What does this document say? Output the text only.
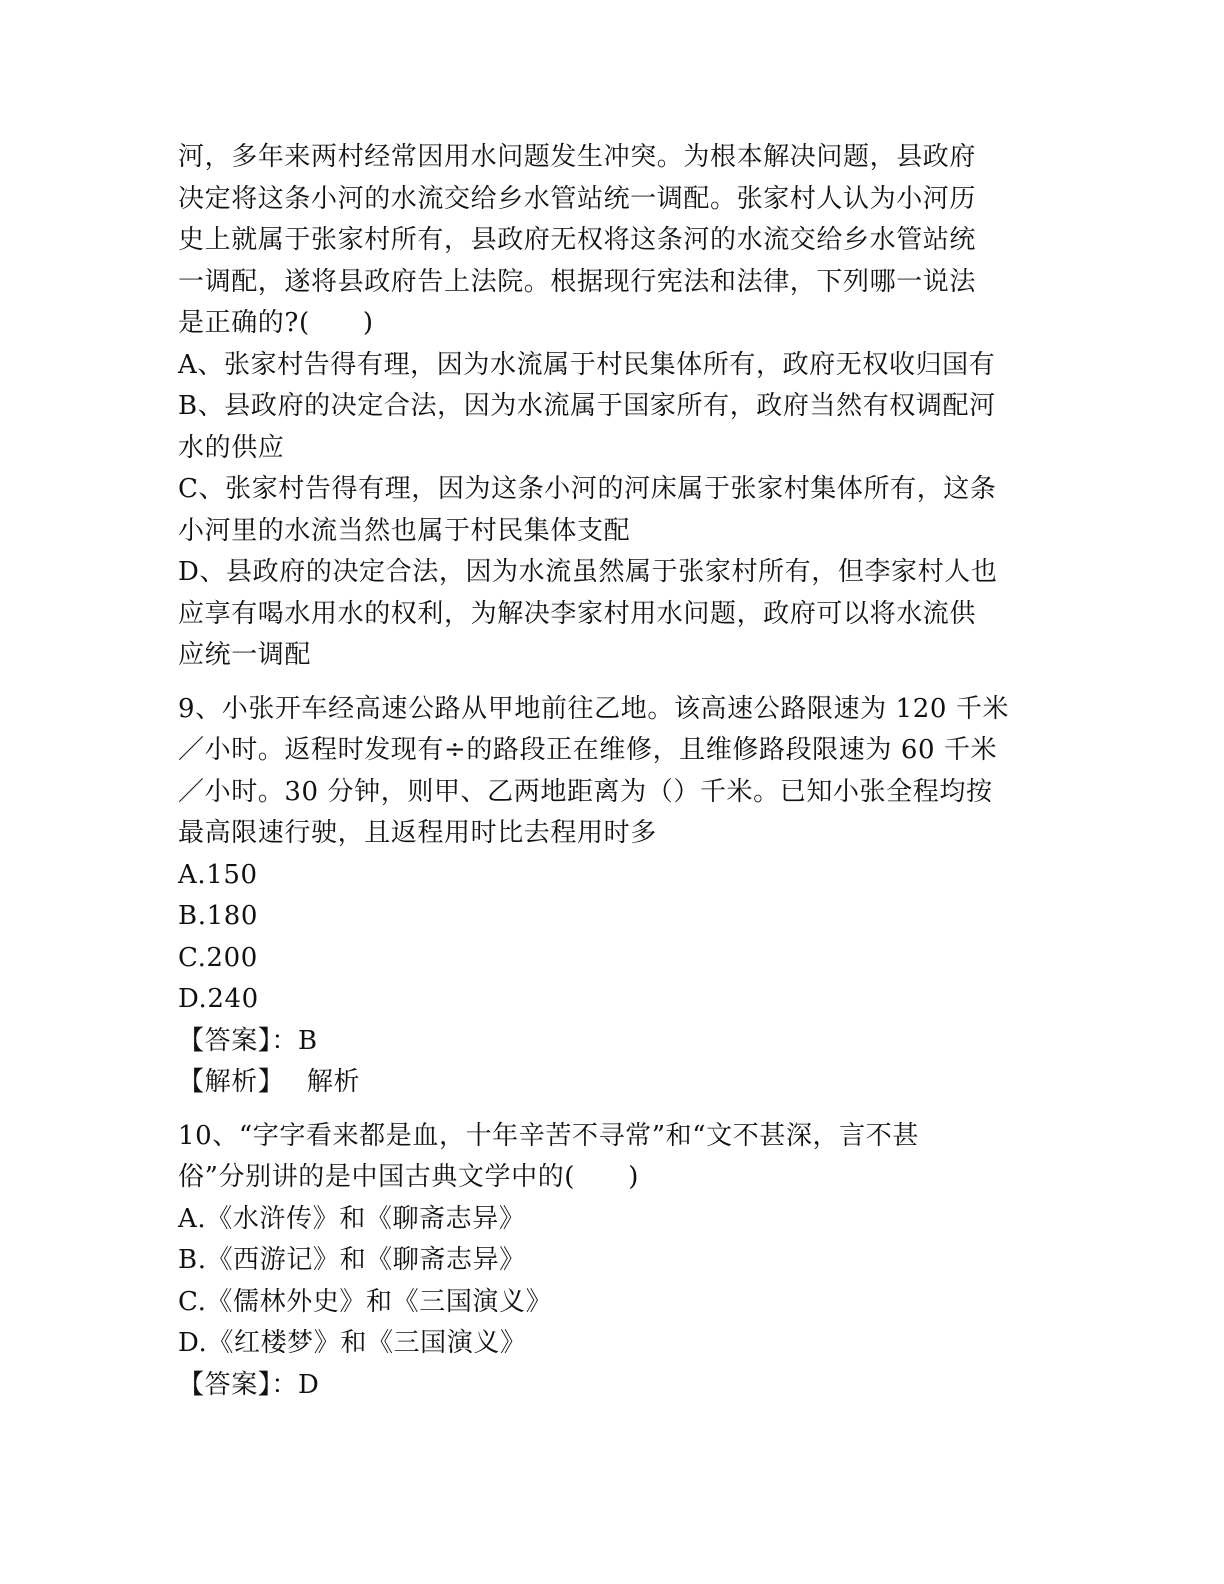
河，多年来两村经常因用水问题发生冲突。为根本解决问题，县政府
决定将这条小河的水流交给乡水管站统一调配。张家村人认为小河历
史上就属于张家村所有，县政府无权将这条河的水流交给乡水管站统
一调配，遂将县政府告上法院。根据现行宪法和法律，下列哪一说法
是正确的?(　　)
A、张家村告得有理，因为水流属于村民集体所有，政府无权收归国有
B、县政府的决定合法，因为水流属于国家所有，政府当然有权调配河
水的供应
C、张家村告得有理，因为这条小河的河床属于张家村集体所有，这条
小河里的水流当然也属于村民集体支配
D、县政府的决定合法，因为水流虽然属于张家村所有，但李家村人也
应享有喝水用水的权利，为解决李家村用水问题，政府可以将水流供
应统一调配
9、小张开车经高速公路从甲地前往乙地。该高速公路限速为 120 千米
／小时。返程时发现有÷的路段正在维修，且维修路段限速为 60 千米
／小时。30 分钟，则甲、乙两地距离为（）千米。已知小张全程均按
最高限速行驶，且返程用时比去程用时多
A.150
B.180
C.200
D.240
【答案】：B
【解析】　 解析
10、“字字看来都是血，十年辛苦不寻常”和“文不甚深，言不甚
俗”分别讲的是中国古典文学中的(　　)
A.《水浒传》和《聊斋志异》
B.《西游记》和《聊斋志异》
C.《儒林外史》和《三国演义》
D.《红楼梦》和《三国演义》
【答案】：D
